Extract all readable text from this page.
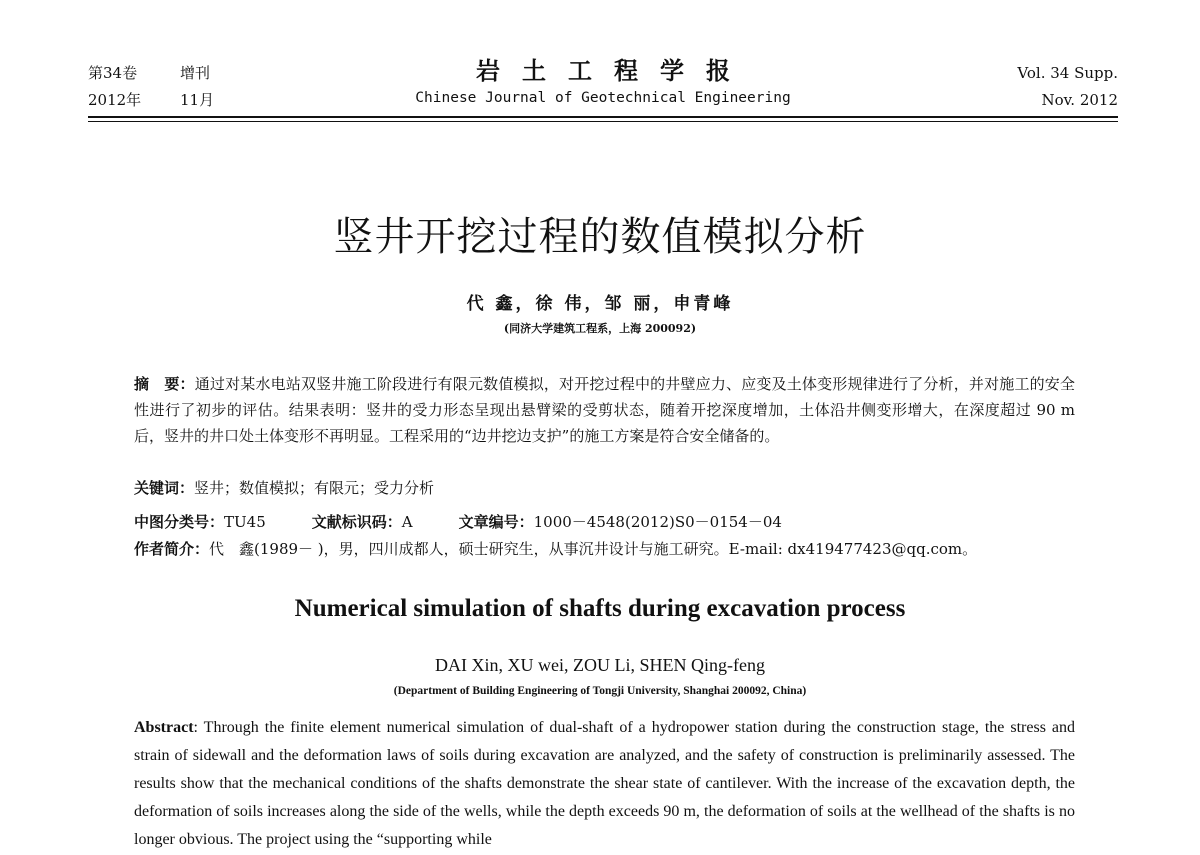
第34卷	增刊
2012年	11月
岩土工程学报
Chinese Journal of Geotechnical Engineering
Vol. 34 Supp.
Nov. 2012
竖井开挖过程的数值模拟分析
代 鑫，徐 伟，邹 丽，申青峰
(同济大学建筑工程系，上海 200092)
摘　要：通过对某水电站双竖井施工阶段进行有限元数值模拟，对开挖过程中的井壁应力、应变及土体变形规律进行了分析，并对施工的安全性进行了初步的评估。结果表明：竖井的受力形态呈现出悬臂梁的受剪状态，随着开挖深度增加，土体沿井侧变形增大，在深度超过 90 m 后，竖井的井口处土体变形不再明显。工程采用的“边井挖边支护”的施工方案是符合安全储备的。
关键词：竖井；数值模拟；有限元；受力分析
中图分类号：TU45	文献标识码：A	文章编号：1000－4548(2012)S0－0154－04
作者简介：代　鑫(1989－ )，男，四川成都人，硕士研究生，从事沉井设计与施工研究。E-mail: dx419477423@qq.com。
Numerical simulation of shafts during excavation process
DAI Xin, XU wei, ZOU Li, SHEN Qing-feng
(Department of Building Engineering of Tongji University, Shanghai 200092, China)
Abstract: Through the finite element numerical simulation of dual-shaft of a hydropower station during the construction stage, the stress and strain of sidewall and the deformation laws of soils during excavation are analyzed, and the safety of construction is preliminarily assessed. The results show that the mechanical conditions of the shafts demonstrate the shear state of cantilever. With the increase of the excavation depth, the deformation of soils increases along the side of the wells, while the depth exceeds 90 m, the deformation of soils at the wellhead of the shafts is no longer obvious. The project using the “supporting while
